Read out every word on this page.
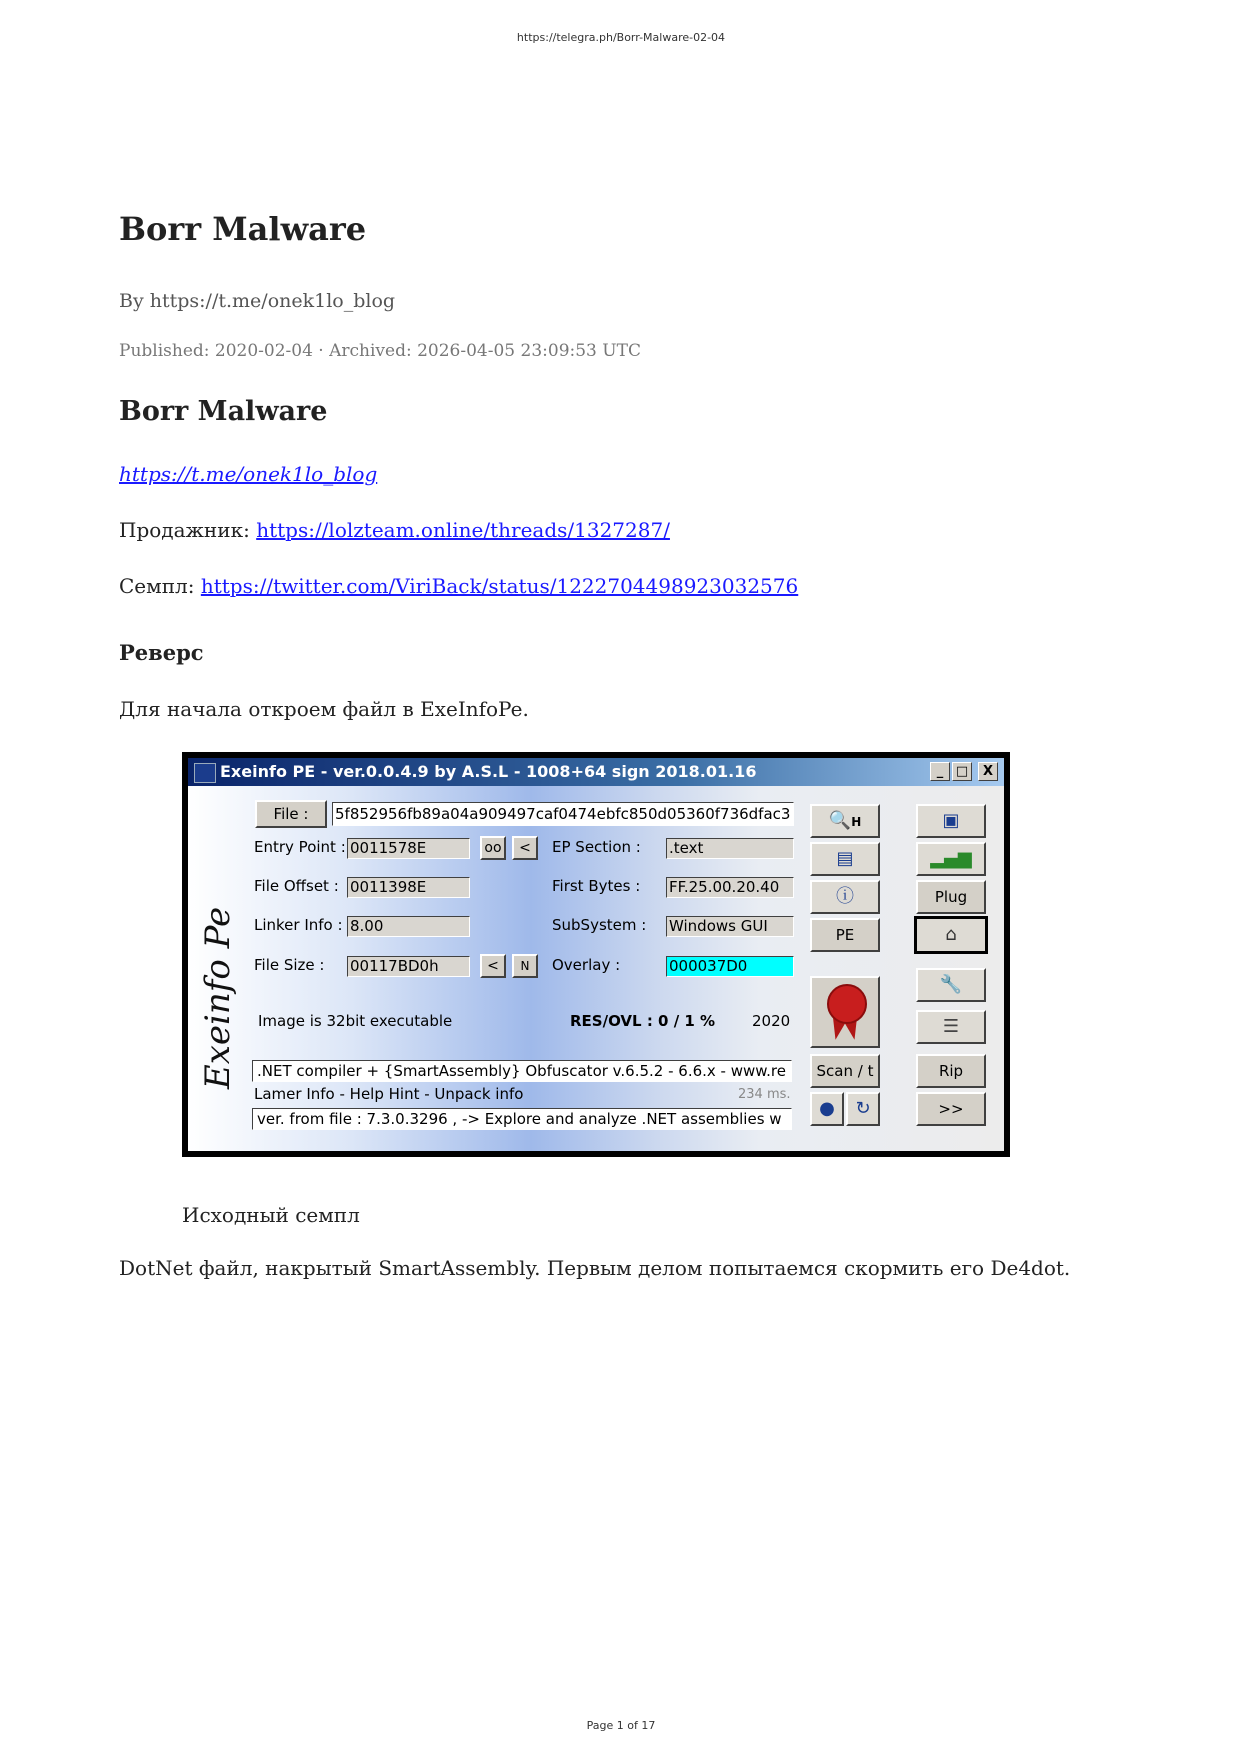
https://telegra.ph/Borr-Malware-02-04
Borr Malware
By https://t.me/onek1lo_blog
Published: 2020-02-04 · Archived: 2026-04-05 23:09:53 UTC
Borr Malware
https://t.me/onek1lo_blog
Продажник: https://lolzteam.online/threads/1327287/
Семпл: https://twitter.com/ViriBack/status/1222704498923032576
Реверс
Для начала откроем файл в ExeInfoPe.
Исходный семпл
DotNet файл, накрытый SmartAssembly. Первым делом попытаемся скормить его De4dot.
Exeinfo PE - ver.0.0.4.9 by A.S.L - 1008+64 sign 2018.01.16	_ □	X
Exeinfo Pe
File :	5f852956fb89a04a909497caf0474ebfc850d05360f736dfac3
Entry Point : 0011578E	oo	<	EP Section : .text
File Offset : 0011398E	First Bytes : FF.25.00.20.40
Linker Info : 8.00	SubSystem : Windows GUI
File Size : 00117BD0h	<	N	Overlay :	000037D0
Image is 32bit executable	RES/OVL : 0 / 1 % 2020
.NET compiler + {SmartAssembly} Obfuscator v.6.5.2 - 6.6.x - www.re
Lamer Info - Help Hint - Unpack info	234 ms.
ver. from file : 7.3.0.3296 , -> Explore and analyze .NET assemblies w
🔍H
▤
ⓘ
PE
Scan / t
●	↻
▣
▂▄▆
Plug
⌂
🔧
☰
Rip
>>
Page 1 of 17
